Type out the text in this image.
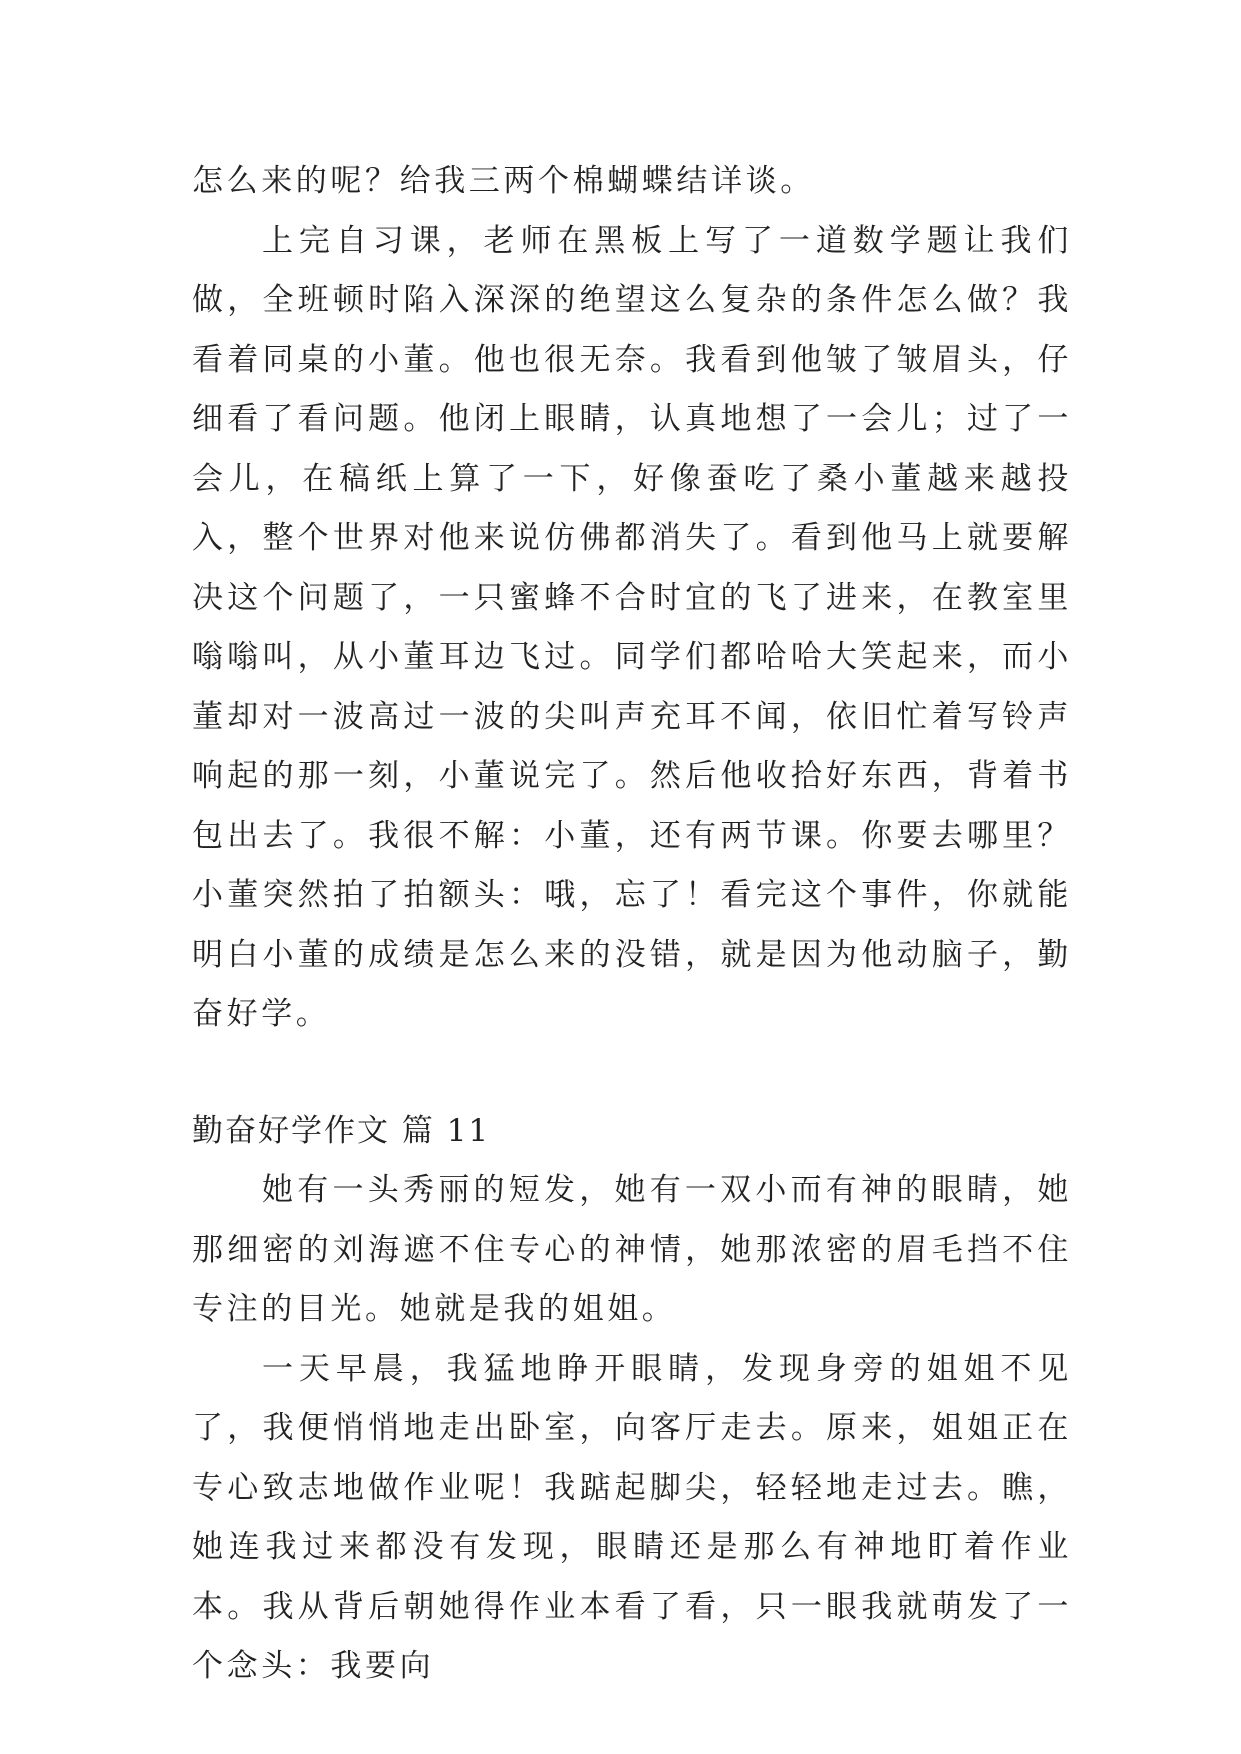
怎么来的呢？给我三两个棉蝴蝶结详谈。

上完自习课，老师在黑板上写了一道数学题让我们做，全班顿时陷入深深的绝望这么复杂的条件怎么做？我看着同桌的小董。他也很无奈。我看到他皱了皱眉头，仔细看了看问题。他闭上眼睛，认真地想了一会儿；过了一会儿，在稿纸上算了一下，好像蚕吃了桑小董越来越投入，整个世界对他来说仿佛都消失了。看到他马上就要解决这个问题了，一只蜜蜂不合时宜的飞了进来，在教室里嗡嗡叫，从小董耳边飞过。同学们都哈哈大笑起来，而小董却对一波高过一波的尖叫声充耳不闻，依旧忙着写铃声响起的那一刻，小董说完了。然后他收拾好东西，背着书包出去了。我很不解：小董，还有两节课。你要去哪里？小董突然拍了拍额头：哦，忘了！看完这个事件，你就能明白小董的成绩是怎么来的没错，就是因为他动脑子，勤奋好学。

勤奋好学作文 篇 11

她有一头秀丽的短发，她有一双小而有神的眼睛，她那细密的刘海遮不住专心的神情，她那浓密的眉毛挡不住专注的目光。她就是我的姐姐。

一天早晨，我猛地睁开眼睛，发现身旁的姐姐不见了，我便悄悄地走出卧室，向客厅走去。原来，姐姐正在专心致志地做作业呢！我踮起脚尖，轻轻地走过去。瞧，她连我过来都没有发现，眼睛还是那么有神地盯着作业本。我从背后朝她得作业本看了看，只一眼我就萌发了一个念头：我要向
